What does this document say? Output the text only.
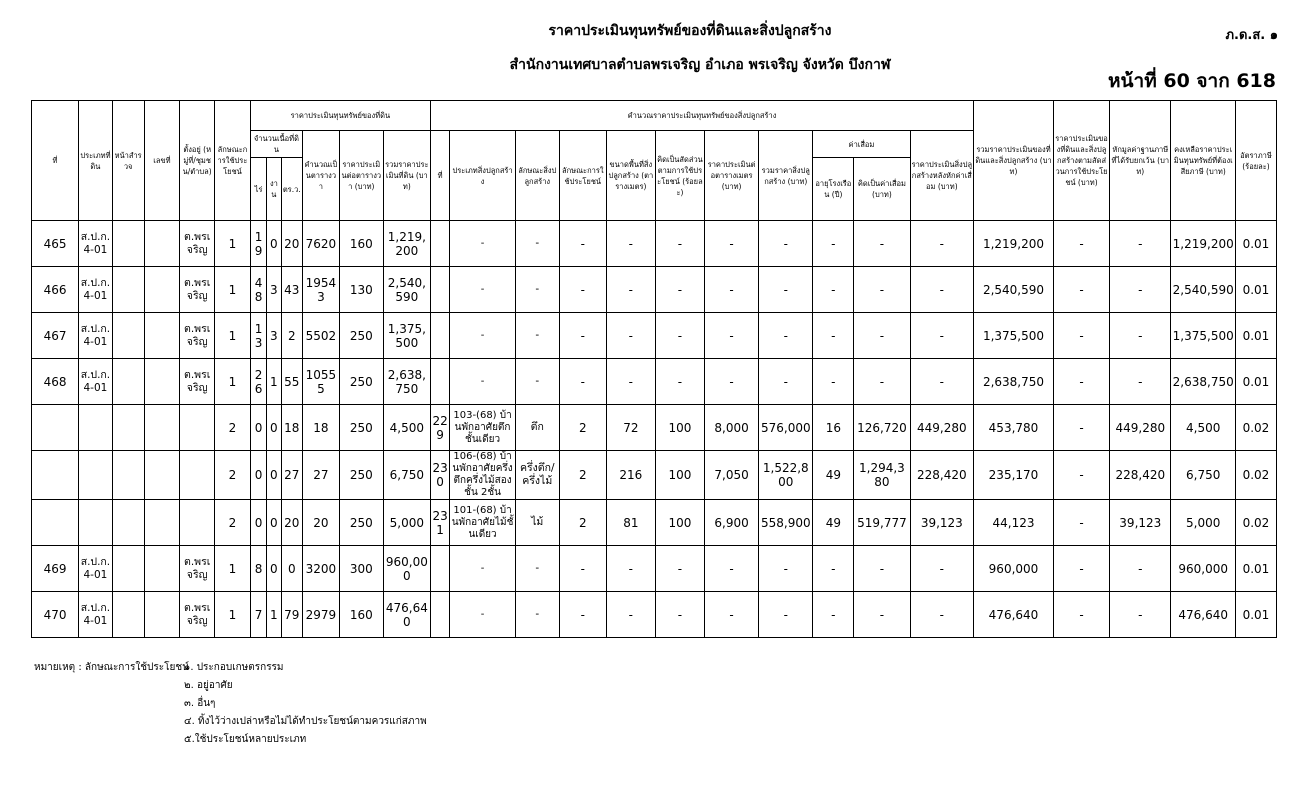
ราคาประเมินทุนทรัพย์ของที่ดินและสิ่งปลูกสร้าง
สำนักงานเทศบาลตำบลพรเจริญ อำเภอ พรเจริญ จังหวัด บึงกาฬ
ภ.ด.ส. ๑
หน้าที่ 60 จาก 618
ที่	ประเภทที่ดิน	หน้าสำรวจ	เลขที่	ตั้งอยู่ (หมู่ที่/ชุมชน/ตำบล)	ลักษณะการใช้ประโยชน์	ราคาประเมินทุนทรัพย์ของที่ดิน						คำนวณราคาประเมินทุนทรัพย์ของสิ่งปลูกสร้าง											รวมราคาประเมินของที่ดินและสิ่งปลูกสร้าง (บาท)	ราคาประเมินของที่ดินและสิ่งปลูกสร้างตามสัดส่วนการใช้ประโยชน์ (บาท)	หักมูลค่าฐานภาษีที่ได้รับยกเว้น (บาท)	คงเหลือราคาประเมินทุนทรัพย์ที่ต้องเสียภาษี (บาท)	อัตราภาษี (ร้อยละ)
						จำนวนเนื้อที่ดิน			คำนวณเป็นตารางวา	ราคาประเมินต่อตารางวา (บาท)	รวมราคาประเมินที่ดิน (บาท)	ที่	ประเภทสิ่งปลูกสร้าง	ลักษณะสิ่งปลูกสร้าง	ลักษณะการใช้ประโยชน์	ขนาดพื้นที่สิ่งปลูกสร้าง (ตารางเมตร)	คิดเป็นสัดส่วนตามการใช้ประโยชน์ (ร้อยละ)	ราคาประเมินต่อตารางเมตร (บาท)	รวมราคาสิ่งปลูกสร้าง (บาท)	ค่าเสื่อม		ราคาประเมินสิ่งปลูกสร้างหลังหักค่าเสื่อม (บาท)					
						ไร่	งาน	ตร.ว.												อายุโรงเรือน (ปี)	คิดเป็นค่าเสื่อม (บาท)						
465	ส.ป.ก. 4-01			ต.พรเจริญ	1	19	0	20	7620	160	1,219,200		-	-	-	-	-	-	-	-	-	-	1,219,200	-	-	1,219,200	0.01
466	ส.ป.ก. 4-01			ต.พรเจริญ	1	48	3	43	19543	130	2,540,590		-	-	-	-	-	-	-	-	-	-	2,540,590	-	-	2,540,590	0.01
467	ส.ป.ก. 4-01			ต.พรเจริญ	1	13	3	2	5502	250	1,375,500		-	-	-	-	-	-	-	-	-	-	1,375,500	-	-	1,375,500	0.01
468	ส.ป.ก. 4-01			ต.พรเจริญ	1	26	1	55	10555	250	2,638,750		-	-	-	-	-	-	-	-	-	-	2,638,750	-	-	2,638,750	0.01
					2	0	0	18	18	250	4,500	229	103-(68) บ้านพักอาศัยตึกชั้นเดียว	ตึก	2	72	100	8,000	576,000	16	126,720	449,280	453,780	-	449,280	4,500	0.02
					2	0	0	27	27	250	6,750	230	106-(68) บ้านพักอาศัยครึ่งตึกครึ่งไม้สองชั้น 2ชั้น	ครึ่งตึก/ครึ่งไม้	2	216	100	7,050	1,522,800	49	1,294,380	228,420	235,170	-	228,420	6,750	0.02
					2	0	0	20	20	250	5,000	231	101-(68) บ้านพักอาศัยไม้ชั้นเดียว	ไม้	2	81	100	6,900	558,900	49	519,777	39,123	44,123	-	39,123	5,000	0.02
469	ส.ป.ก. 4-01			ต.พรเจริญ	1	8	0	0	3200	300	960,000		-	-	-	-	-	-	-	-	-	-	960,000	-	-	960,000	0.01
470	ส.ป.ก. 4-01			ต.พรเจริญ	1	7	1	79	2979	160	476,640		-	-	-	-	-	-	-	-	-	-	476,640	-	-	476,640	0.01
หมายเหตุ : ลักษณะการใช้ประโยชน์
๑. ประกอบเกษตรกรรม
๒. อยู่อาศัย
๓. อื่นๆ
๔. ทิ้งไว้ว่างเปล่าหรือไม่ได้ทำประโยชน์ตามควรแก่สภาพ
๕.ใช้ประโยชน์หลายประเภท
